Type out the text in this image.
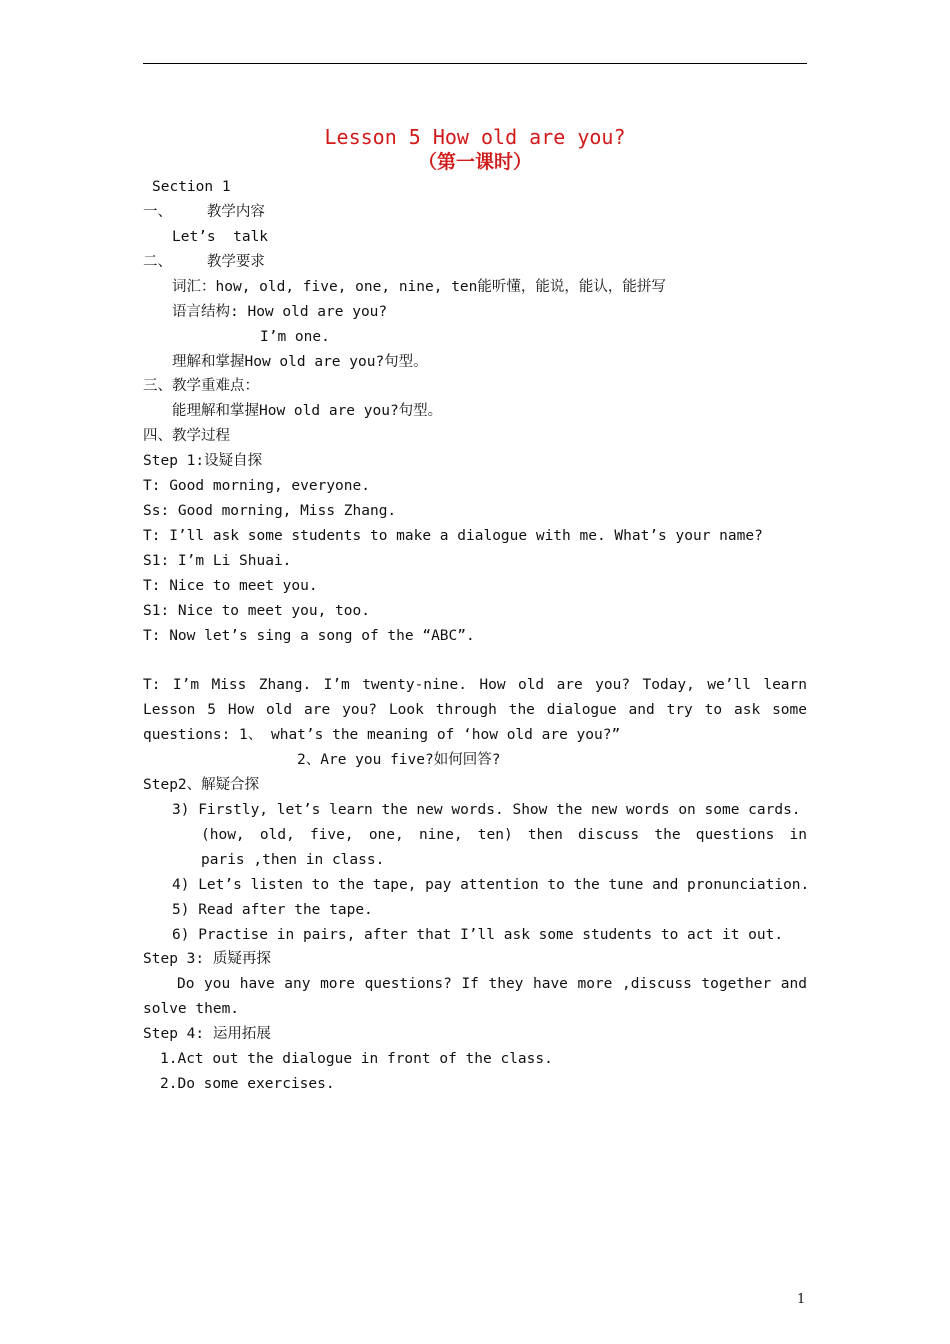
Lesson 5 How old are you?
（第一课时）
Section 1
一、    教学内容
Let’s  talk
二、    教学要求
词汇：how, old, five, one, nine, ten能听懂，能说，能认，能拼写
语言结构: How old are you?
I’m one.
理解和掌握How old are you?句型。
三、教学重难点：
能理解和掌握How old are you?句型。
四、教学过程
Step 1:设疑自探
T: Good morning, everyone.
Ss: Good morning, Miss Zhang.
T: I’ll ask some students to make a dialogue with me. What’s your name?
S1: I’m Li Shuai.
T: Nice to meet you.
S1: Nice to meet you, too.
T: Now let’s sing a song of the “ABC”.
T: I’m Miss Zhang. I’m twenty-nine. How old are you? Today, we’ll learn
Lesson 5 How old are you? Look through the dialogue and try to ask some
questions: 1、 what’s the meaning of ‘how old are you?”
2、Are you five?如何回答?
Step2、解疑合探
3) Firstly, let’s learn the new words. Show the new words on some cards.
(how, old, five, one, nine, ten) then discuss the questions in
paris ,then in class.
4) Let’s listen to the tape, pay attention to the tune and pronunciation.
5) Read after the tape.
6) Practise in pairs, after that I’ll ask some students to act it out.
Step 3: 质疑再探
Do you have any more questions? If they have more ,discuss together and
solve them.
Step 4: 运用拓展
1.Act out the dialogue in front of the class.
2.Do some exercises.
1
